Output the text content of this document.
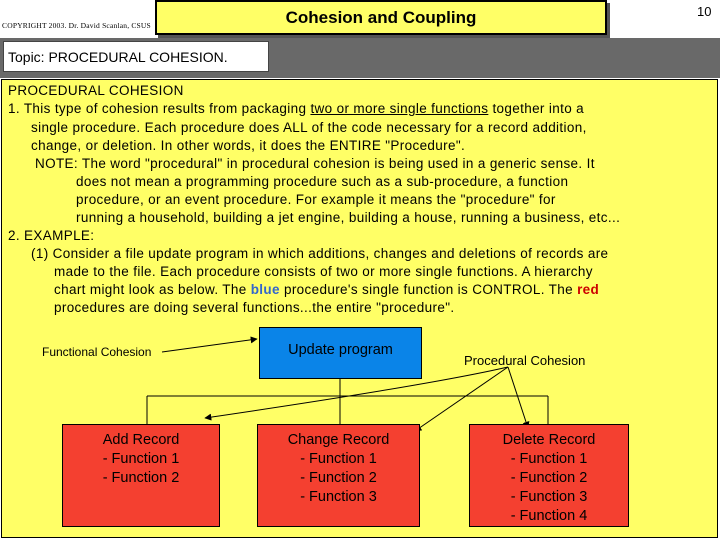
COPYRIGHT 2003. Dr. David Scanlan, CSUS	Cohesion and Coupling	10
Topic: PROCEDURAL COHESION.
PROCEDURAL COHESION
1. This type of cohesion results from packaging two or more single functions together into a
single procedure. Each procedure does ALL of the code necessary for a record addition,
change, or deletion. In other words, it does the ENTIRE "Procedure".
NOTE: The word "procedural" in procedural cohesion is being used in a generic sense. It
does not mean a programming procedure such as a sub-procedure, a function
procedure, or an event procedure. For example it means the "procedure" for
running a household, building a jet engine, building a house, running a business, etc...
2. EXAMPLE:
(1) Consider a file update program in which additions, changes and deletions of records are
made to the file. Each procedure consists of two or more single functions. A hierarchy
chart might look as below. The blue procedure's single function is CONTROL. The red
procedures are doing several functions...the entire "procedure".
Functional Cohesion
Procedural Cohesion
Update program
Add Record
- Function 1
- Function 2
Change Record
- Function 1
- Function 2
- Function 3
Delete Record
- Function 1
- Function 2
- Function 3
- Function 4
